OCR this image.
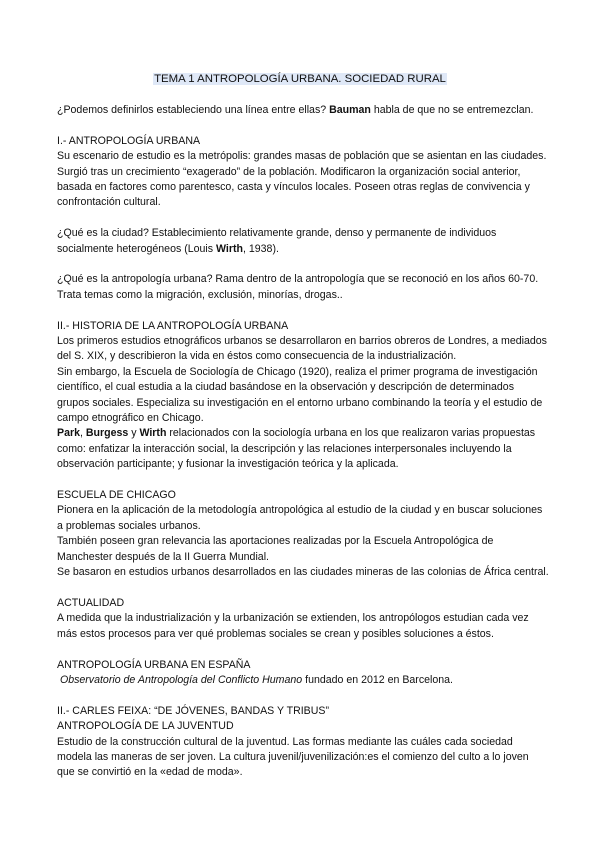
TEMA 1 ANTROPOLOGÍA URBANA. SOCIEDAD RURAL

¿Podemos definirlos estableciendo una línea entre ellas? Bauman habla de que no se entremezclan.

I.- ANTROPOLOGÍA URBANA

Su escenario de estudio es la metrópolis: grandes masas de población que se asientan en las ciudades. Surgió tras un crecimiento “exagerado” de la población. Modificaron la organización social anterior, basada en factores como parentesco, casta y vínculos locales. Poseen otras reglas de convivencia y confrontación cultural.

¿Qué es la ciudad? Establecimiento relativamente grande, denso y permanente de individuos socialmente heterogéneos (Louis Wirth, 1938).

¿Qué es la antropología urbana? Rama dentro de la antropología que se reconoció en los años 60-70. Trata temas como la migración, exclusión, minorías, drogas..

II.- HISTORIA DE LA ANTROPOLOGÍA URBANA

Los primeros estudios etnográficos urbanos se desarrollaron en barrios obreros de Londres, a mediados del S. XIX, y describieron la vida en éstos como consecuencia de la industrialización.

Sin embargo, la Escuela de Sociología de Chicago (1920), realiza el primer programa de investigación científico, el cual estudia a la ciudad basándose en la observación y descripción de determinados grupos sociales. Especializa su investigación en el entorno urbano combinando la teoría y el estudio de campo etnográfico en Chicago.

Park, Burgess y Wirth relacionados con la sociología urbana en los que realizaron varias propuestas como: enfatizar la interacción social, la descripción y las relaciones interpersonales incluyendo la observación participante; y fusionar la investigación teórica y la aplicada.

ESCUELA DE CHICAGO

Pionera en la aplicación de la metodología antropológica al estudio de la ciudad y en buscar soluciones a problemas sociales urbanos.

También poseen gran relevancia las aportaciones realizadas por la Escuela Antropológica de Manchester después de la II Guerra Mundial.

Se basaron en estudios urbanos desarrollados en las ciudades mineras de las colonias de África central.

ACTUALIDAD

A medida que la industrialización y la urbanización se extienden, los antropólogos estudian cada vez más estos procesos para ver qué problemas sociales se crean y posibles soluciones a éstos.

ANTROPOLOGÍA URBANA EN ESPAÑA

Observatorio de Antropología del Conflicto Humano fundado en 2012 en Barcelona.

II.- CARLES FEIXA: “DE JÓVENES, BANDAS Y TRIBUS”

ANTROPOLOGÍA DE LA JUVENTUD

Estudio de la construcción cultural de la juventud. Las formas mediante las cuáles cada sociedad modela las maneras de ser joven. La cultura juvenil/juvenilización:es el comienzo del culto a lo joven que se convirtió en la «edad de moda».
